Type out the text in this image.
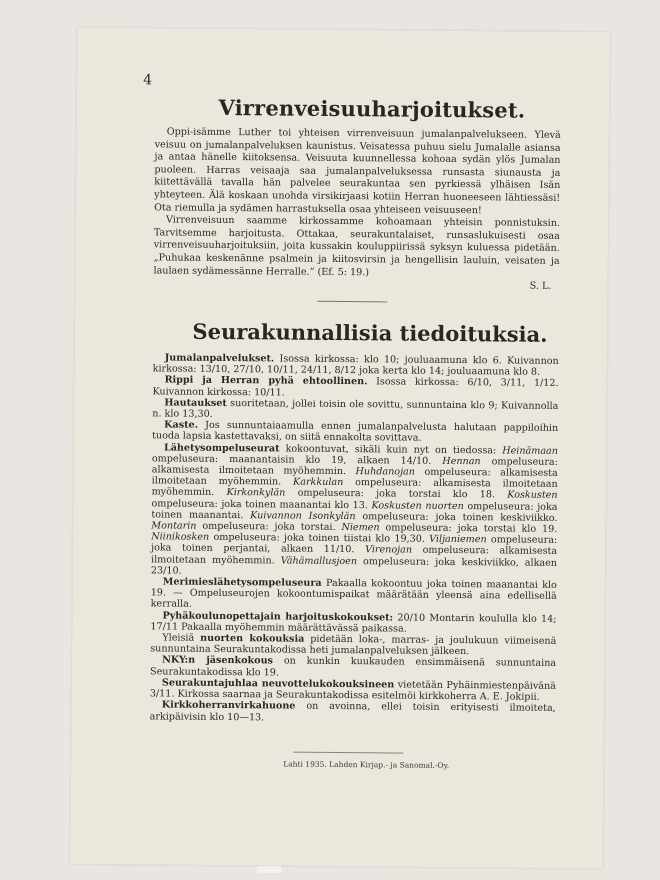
4
Virrenveisuuharjoitukset.

Oppi-isämme Luther toi yhteisen virrenveisuun jumalanpalvelukseen. Ylevä veisuu on jumalanpalveluksen kaunistus. Veisatessa puhuu sielu Jumalalle asiansa ja antaa hänelle kiitoksensa. Veisuuta kuunnellessa kohoaa sydän ylös Jumalan puoleen. Harras veisaaja saa jumalanpalveluksessa runsasta siunausta ja kiitettävällä tavalla hän palvelee seurakuntaa sen pyrkiessä ylhäisen Isän yhteyteen. Älä koskaan unohda virsikirjaasi kotiin Herran huoneeseen lähtiessäsi! Ota riemulla ja sydämen harrastuksella osaa yhteiseen veisuuseen!

Virrenveisuun saamme kirkossamme kohoamaan yhteisin ponnistuksin. Tarvitsemme harjoitusta. Ottakaa, seurakuntalaiset, runsaslukuisesti osaa virrenveisuuharjoituksiin, joita kussakin kouluppiirissä syksyn kuluessa pidetään. „Puhukaa keskenänne psalmein ja kiitosvirsin ja hengellisin lauluin, veisaten ja laulaen sydämessänne Herralle.” (Ef. 5: 19.)

S. L.
Seurakunnallisia tiedoituksia.

Jumalanpalvelukset. Isossa kirkossa: klo 10; jouluaamuna klo 6. Kuivannon kirkossa: 13/10, 27/10, 10/11, 24/11, 8/12 joka kerta klo 14; jouluaamuna klo 8.

Rippi ja Herran pyhä ehtoollinen. Isossa kirkossa: 6/10, 3/11, 1/12. Kuivannon kirkossa: 10/11.

Hautaukset suoritetaan, jollei toisin ole sovittu, sunnuntaina klo 9; Kuivannolla n. klo 13,30.

Kaste. Jos sunnuntaiaamulla ennen jumalanpalvelusta halutaan pappiloihin tuoda lapsia kastettavaksi, on siitä ennakolta sovittava.

Lähetysompeluseurat kokoontuvat, sikäli kuin nyt on tiedossa: Heinämaan ompeluseura: maanantaisin klo 19, alkaen 14/10. Hennan ompeluseura: alkamisesta ilmoitetaan myöhemmin. Huhdanojan ompeluseura: alkamisesta ilmoitetaan myöhemmin. Karkkulan ompeluseura: alkamisesta ilmoitetaan myöhemmin. Kirkonkylän ompeluseura: joka torstai klo 18. Koskusten ompeluseura: joka toinen maanantai klo 13. Koskusten nuorten ompeluseura: joka toinen maanantai. Kuivannon Isonkylän ompeluseura: joka toinen keskiviikko. Montarin ompeluseura: joka torstai. Niemen ompeluseura: joka torstai klo 19. Niinikosken ompeluseura: joka toinen tiistai klo 19,30. Viljaniemen ompeluseura: joka toinen perjantai, alkaen 11/10. Virenojan ompeluseura: alkamisesta ilmoitetaan myöhemmin. Vähämallusjoen ompeluseura: joka keskiviikko, alkaen 23/10.

Merimieslähetysompeluseura Pakaalla kokoontuu joka toinen maanantai klo 19. — Ompeluseurojen kokoontumispaikat määrätään yleensä aina edellisellä kerralla.

Pyhäkoulunopettajain harjoituskokoukset: 20/10 Montarin koululla klo 14; 17/11 Pakaalla myöhemmin määrättävässä paikassa.

Yleisiä nuorten kokouksia pidetään loka-, marras- ja joulukuun viimeisenä sunnuntaina Seurakuntakodissa heti jumalanpalveluksen jälkeen.

NKY:n jäsenkokous on kunkin kuukauden ensimmäisenä sunnuntaina Seurakuntakodissa klo 19.

Seurakuntajuhlaa neuvottelukokouksineen vietetään Pyhäinmiestenpäivänä 3/11. Kirkossa saarnaa ja Seurakuntakodissa esitelmöi kirkkoherra A. E. Jokipii.

Kirkkoherranvirkahuone on avoinna, ellei toisin erityisesti ilmoiteta, arkipäivisin klo 10—13.

Lahti 1935. Lahden Kirjap.- ja Sanomal.-Oy.
